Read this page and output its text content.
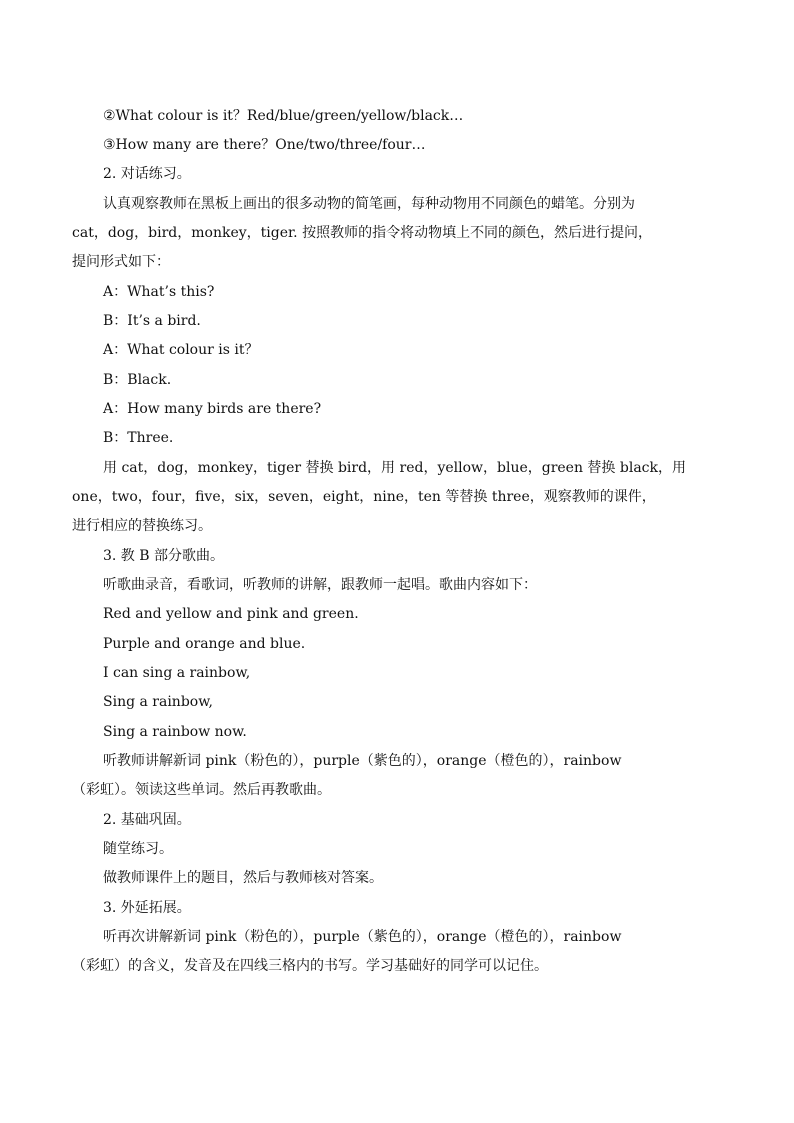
②What colour is it？Red/blue/green/yellow/black…
③How many are there？One/two/three/four…
2. 对话练习。
认真观察教师在黑板上画出的很多动物的简笔画，每种动物用不同颜色的蜡笔。分别为
cat，dog，bird，monkey，tiger. 按照教师的指令将动物填上不同的颜色，然后进行提问，
提问形式如下：
A：What’s this?
B：It’s a bird.
A：What colour is it？
B：Black.
A：How many birds are there?
B：Three.
用 cat，dog，monkey，tiger 替换 bird，用 red，yellow，blue，green 替换 black，用
one，two，four，five，six，seven，eight，nine，ten 等替换 three，观察教师的课件，
进行相应的替换练习。
3. 教 B 部分歌曲。
听歌曲录音，看歌词，听教师的讲解，跟教师一起唱。歌曲内容如下：
Red and yellow and pink and green.
Purple and orange and blue.
I can sing a rainbow,
Sing a rainbow,
Sing a rainbow now.
听教师讲解新词 pink（粉色的），purple（紫色的），orange（橙色的），rainbow
（彩虹）。领读这些单词。然后再教歌曲。
2. 基础巩固。
随堂练习。
做教师课件上的题目，然后与教师核对答案。
3. 外延拓展。
听再次讲解新词 pink（粉色的），purple（紫色的），orange（橙色的），rainbow
（彩虹）的含义，发音及在四线三格内的书写。学习基础好的同学可以记住。
